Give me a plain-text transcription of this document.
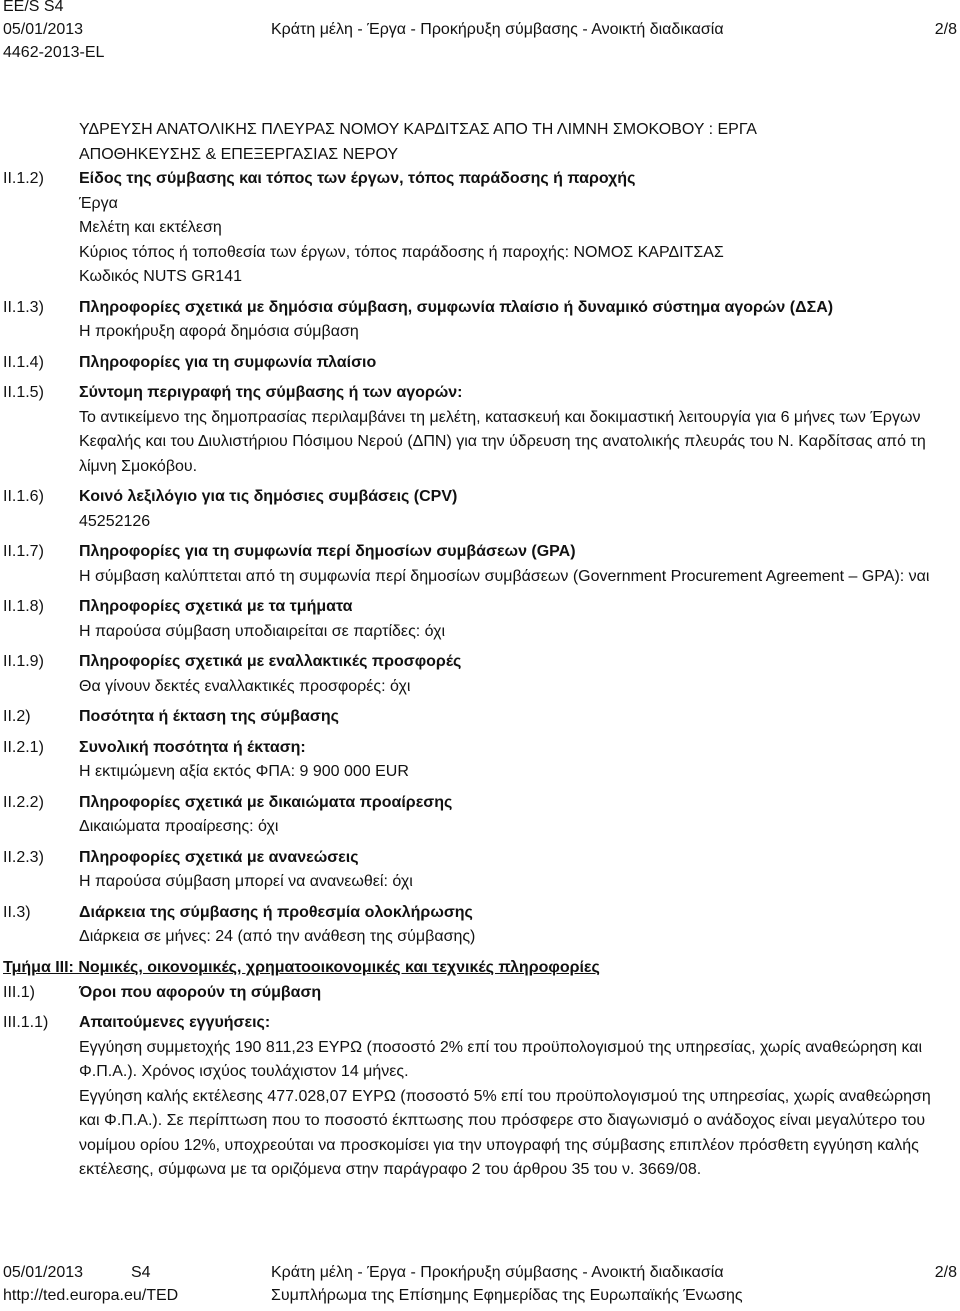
EE/S S4
05/01/2013	Κράτη μέλη - Έργα - Προκήρυξη σύμβασης - Ανοικτή διαδικασία	2/8
4462-2013-EL
ΥΔΡΕΥΣΗ ΑΝΑΤΟΛΙΚΗΣ ΠΛΕΥΡΑΣ ΝΟΜΟΥ ΚΑΡΔΙΤΣΑΣ ΑΠΟ ΤΗ ΛΙΜΝΗ ΣΜΟΚΟΒΟΥ : ΕΡΓΑ
ΑΠΟΘΗΚΕΥΣΗΣ & ΕΠΕΞΕΡΓΑΣΙΑΣ ΝΕΡΟΥ
II.1.2) Είδος της σύμβασης και τόπος των έργων, τόπος παράδοσης ή παροχής
Έργα
Μελέτη και εκτέλεση
Κύριος τόπος ή τοποθεσία των έργων, τόπος παράδοσης ή παροχής: ΝΟΜΟΣ ΚΑΡΔΙΤΣΑΣ
Κωδικός NUTS GR141
II.1.3) Πληροφορίες σχετικά με δημόσια σύμβαση, συμφωνία πλαίσιο ή δυναμικό σύστημα αγορών (ΔΣΑ)
Η προκήρυξη αφορά δημόσια σύμβαση
II.1.4) Πληροφορίες για τη συμφωνία πλαίσιο
II.1.5) Σύντομη περιγραφή της σύμβασης ή των αγορών:
Το αντικείμενο της δημοπρασίας περιλαμβάνει τη μελέτη, κατασκευή και δοκιμαστική λειτουργία για 6 μήνες των Έργων Κεφαλής και του Διυλιστήριου Πόσιμου Νερού (ΔΠΝ) για την ύδρευση της ανατολικής πλευράς του Ν. Καρδίτσας από τη λίμνη Σμοκόβου.
II.1.6) Κοινό λεξιλόγιο για τις δημόσιες συμβάσεις (CPV)
45252126
II.1.7) Πληροφορίες για τη συμφωνία περί δημοσίων συμβάσεων (GPA)
Η σύμβαση καλύπτεται από τη συμφωνία περί δημοσίων συμβάσεων (Government Procurement Agreement – GPA): ναι
II.1.8) Πληροφορίες σχετικά με τα τμήματα
Η παρούσα σύμβαση υποδιαιρείται σε παρτίδες: όχι
II.1.9) Πληροφορίες σχετικά με εναλλακτικές προσφορές
Θα γίνουν δεκτές εναλλακτικές προσφορές: όχι
II.2)	Ποσότητα ή έκταση της σύμβασης
II.2.1) Συνολική ποσότητα ή έκταση:
Η εκτιμώμενη αξία εκτός ΦΠΑ: 9 900 000 EUR
II.2.2) Πληροφορίες σχετικά με δικαιώματα προαίρεσης
Δικαιώματα προαίρεσης: όχι
II.2.3) Πληροφορίες σχετικά με ανανεώσεις
Η παρούσα σύμβαση μπορεί να ανανεωθεί: όχι
II.3)	Διάρκεια της σύμβασης ή προθεσμία ολοκλήρωσης
Διάρκεια σε μήνες: 24 (από την ανάθεση της σύμβασης)
Τμήμα III: Νομικές, οικονομικές, χρηματοοικονομικές και τεχνικές πληροφορίες
III.1)	Όροι που αφορούν τη σύμβαση
III.1.1) Απαιτούμενες εγγυήσεις:
Εγγύηση συμμετοχής 190 811,23 ΕΥΡΩ (ποσοστό 2% επί του προϋπολογισμού της υπηρεσίας, χωρίς αναθεώρηση και Φ.Π.Α.). Χρόνος ισχύος τουλάχιστον 14 μήνες.
Εγγύηση καλής εκτέλεσης 477.028,07 ΕΥΡΩ (ποσοστό 5% επί του προϋπολογισμού της υπηρεσίας, χωρίς αναθεώρηση και Φ.Π.Α.). Σε περίπτωση που το ποσοστό έκπτωσης που πρόσφερε στο διαγωνισμό ο ανάδοχος είναι μεγαλύτερο του νομίμου ορίου 12%, υποχρεούται να προσκομίσει για την υπογραφή της σύμβασης επιπλέον πρόσθετη εγγύηση καλής εκτέλεσης, σύμφωνα με τα οριζόμενα στην παράγραφο 2 του άρθρου 35 του ν. 3669/08.
05/01/2013	S4	Κράτη μέλη - Έργα - Προκήρυξη σύμβασης - Ανοικτή διαδικασία	2/8
http://ted.europa.eu/TED	Συμπλήρωμα της Επίσημης Εφημερίδας της Ευρωπαϊκής Ένωσης
